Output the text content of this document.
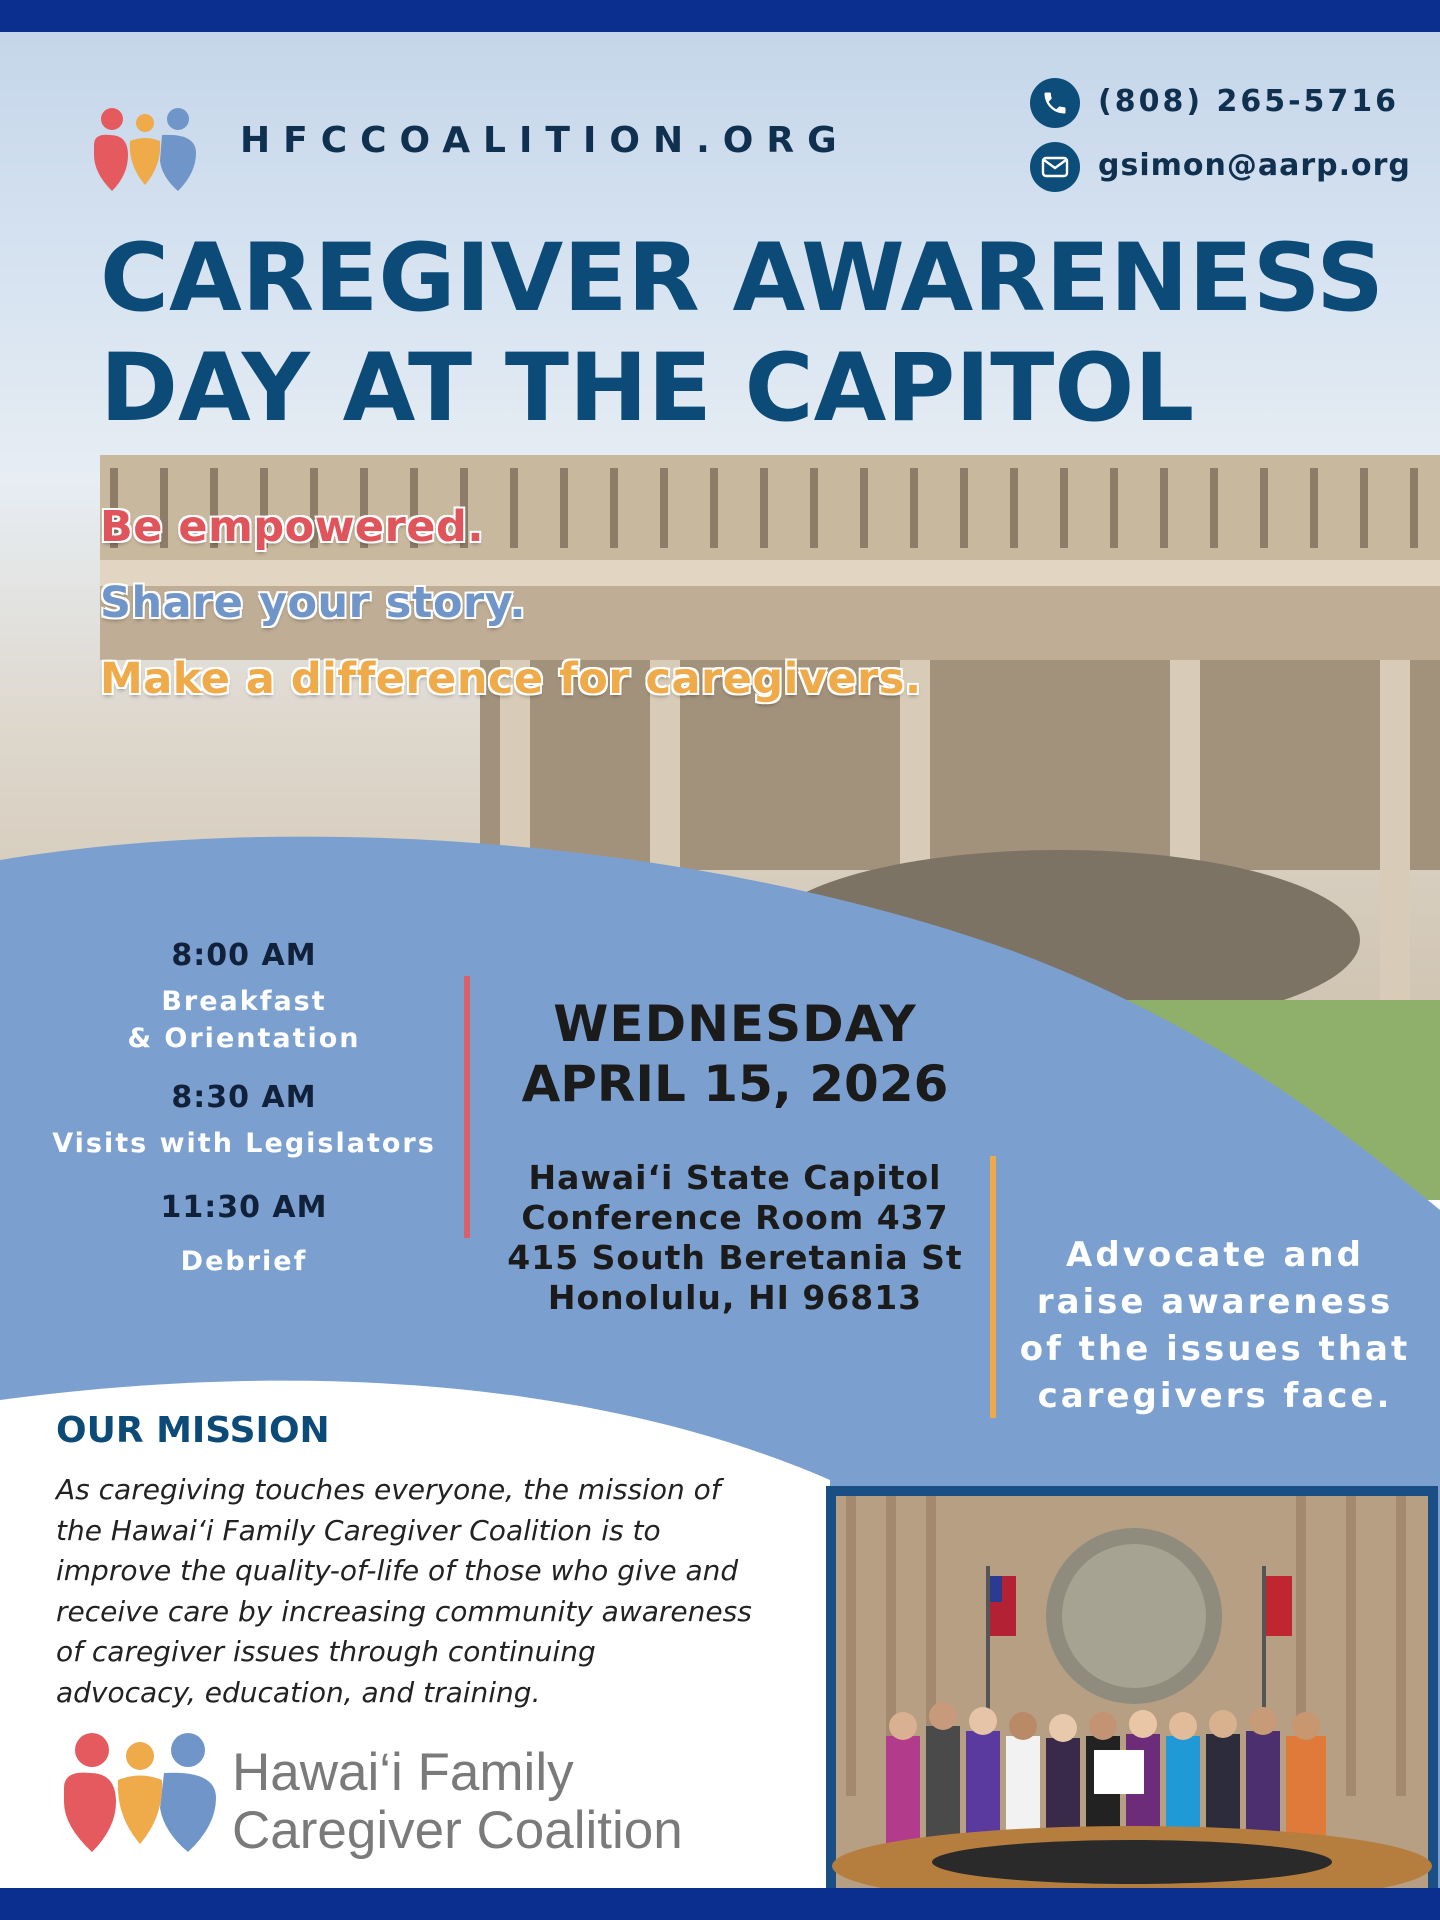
HFCCOALITION.ORG
(808) 265-5716
gsimon@aarp.org
CAREGIVER AWARENESS
DAY AT THE CAPITOL
Be empowered.
Share your story.
Make a difference for caregivers.
8:00 AM
Breakfast
& Orientation
8:30 AM
Visits with Legislators
11:30 AM
Debrief
WEDNESDAY
APRIL 15, 2026
Hawai‘i State Capitol
Conference Room 437
415 South Beretania St
Honolulu, HI 96813
Advocate and
raise awareness
of the issues that
caregivers face.
OUR MISSION
As caregiving touches everyone, the mission of
the Hawai‘i Family Caregiver Coalition is to
improve the quality-of-life of those who give and
receive care by increasing community awareness
of caregiver issues through continuing
advocacy, education, and training.
Hawai‘i Family
Caregiver Coalition
